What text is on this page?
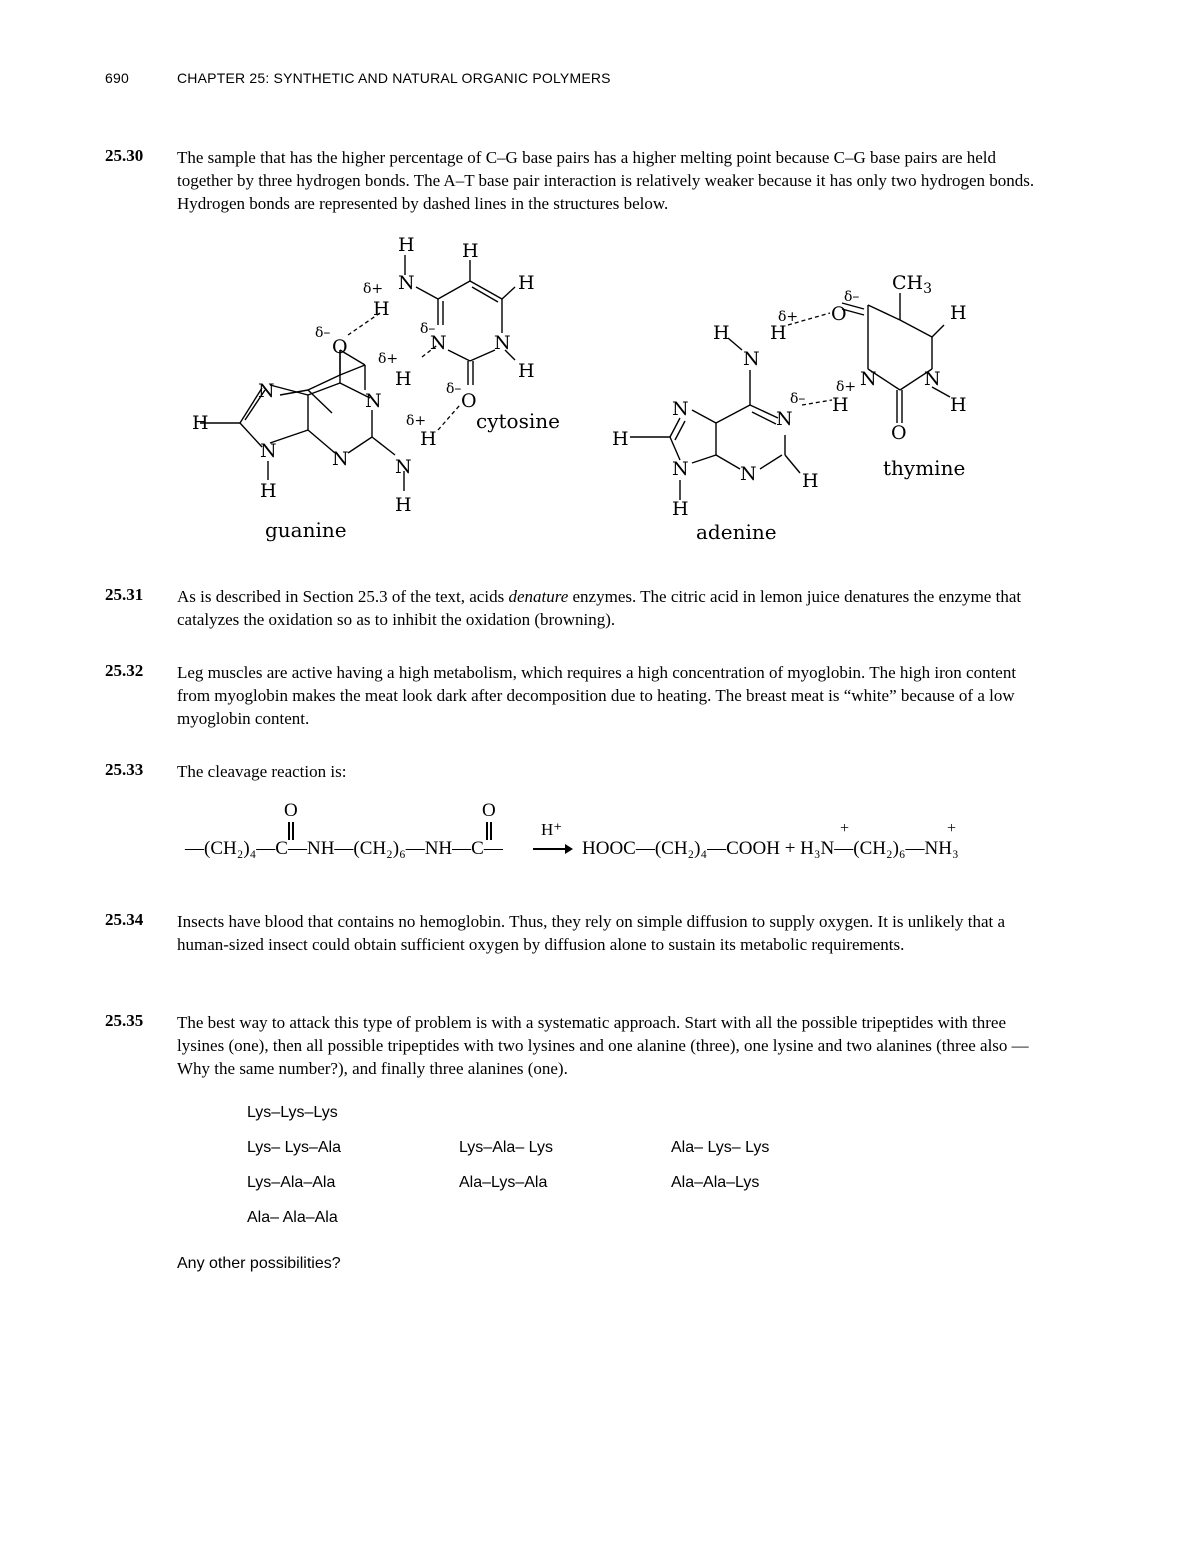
690	CHAPTER 25: SYNTHETIC AND NATURAL ORGANIC POLYMERS
25.30 The sample that has the higher percentage of C–G base pairs has a higher melting point because C–G base pairs are held together by three hydrogen bonds. The A–T base pair interaction is relatively weaker because it has only two hydrogen bonds. Hydrogen bonds are represented by dashed lines in the structures below.
N
H
N
H
O
N
N N
H
H
H
H
N
H
H
H
N N
H
O
H H
N
N	N
H
N	N H
H
O
$CH_3$
H
N N
H	H
O
δ+
δ–	δ–
δ+
δ–
δ+
δ+
δ–
δ–
δ+
guanine
cytosine
adenine
thymine
25.31 As is described in Section 25.3 of the text, acids denature enzymes. The citric acid in lemon juice denatures the enzyme that catalyzes the oxidation so as to inhibit the oxidation (browning).
25.32 Leg muscles are active having a high metabolism, which requires a high concentration of myoglobin. The high iron content from myoglobin makes the meat look dark after decomposition due to heating. The breast meat is “white” because of a low myoglobin content.
25.33 The cleavage reaction is:
O	O
—(CH₂)₄—C—NH—(CH₂)₆—NH—C—
H⁺
HOOC—(CH₂)₄—COOH + H₃N—(CH₂)₆—NH₃
+	+
25.34 Insects have blood that contains no hemoglobin. Thus, they rely on simple diffusion to supply oxygen. It is unlikely that a human-sized insect could obtain sufficient oxygen by diffusion alone to sustain its metabolic requirements.
25.35 The best way to attack this type of problem is with a systematic approach. Start with all the possible tripeptides with three lysines (one), then all possible tripeptides with two lysines and one alanine (three), one lysine and two alanines (three also ––Why the same number?), and finally three alanines (one).
Lys–Lys–Lys
Lys– Lys–Ala	Lys–Ala– Lys	Ala– Lys– Lys
Lys–Ala–Ala	Ala–Lys–Ala	Ala–Ala–Lys
Ala– Ala–Ala
Any other possibilities?
